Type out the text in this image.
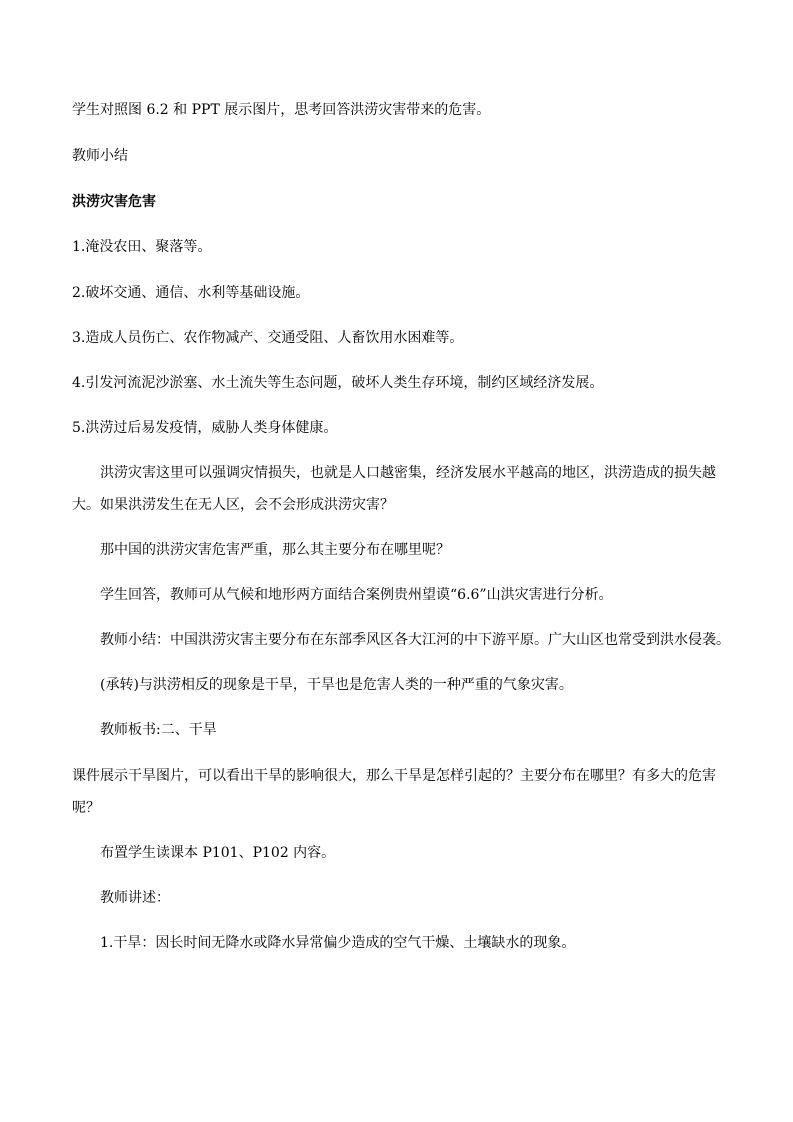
学生对照图 6.2 和 PPT 展示图片，思考回答洪涝灾害带来的危害。
教师小结
洪涝灾害危害
1.淹没农田、聚落等。
2.破坏交通、通信、水利等基础设施。
3.造成人员伤亡、农作物减产、交通受阻、人畜饮用水困难等。
4.引发河流泥沙淤塞、水土流失等生态问题，破坏人类生存环境，制约区域经济发展。
5.洪涝过后易发疫情，威胁人类身体健康。
洪涝灾害这里可以强调灾情损失，也就是人口越密集，经济发展水平越高的地区，洪涝造成的损失越
大。如果洪涝发生在无人区，会不会形成洪涝灾害？
那中国的洪涝灾害危害严重，那么其主要分布在哪里呢？
学生回答，教师可从气候和地形两方面结合案例贵州望谟“6.6”山洪灾害进行分析。
教师小结：中国洪涝灾害主要分布在东部季风区各大江河的中下游平原。广大山区也常受到洪水侵袭。
(承转)与洪涝相反的现象是干旱，干旱也是危害人类的一种严重的气象灾害。
教师板书:二、干旱
课件展示干旱图片，可以看出干旱的影响很大，那么干旱是怎样引起的？主要分布在哪里？有多大的危害
呢？
布置学生读课本 P101、P102 内容。
教师讲述：
1.干旱：因长时间无降水或降水异常偏少造成的空气干燥、土壤缺水的现象。
